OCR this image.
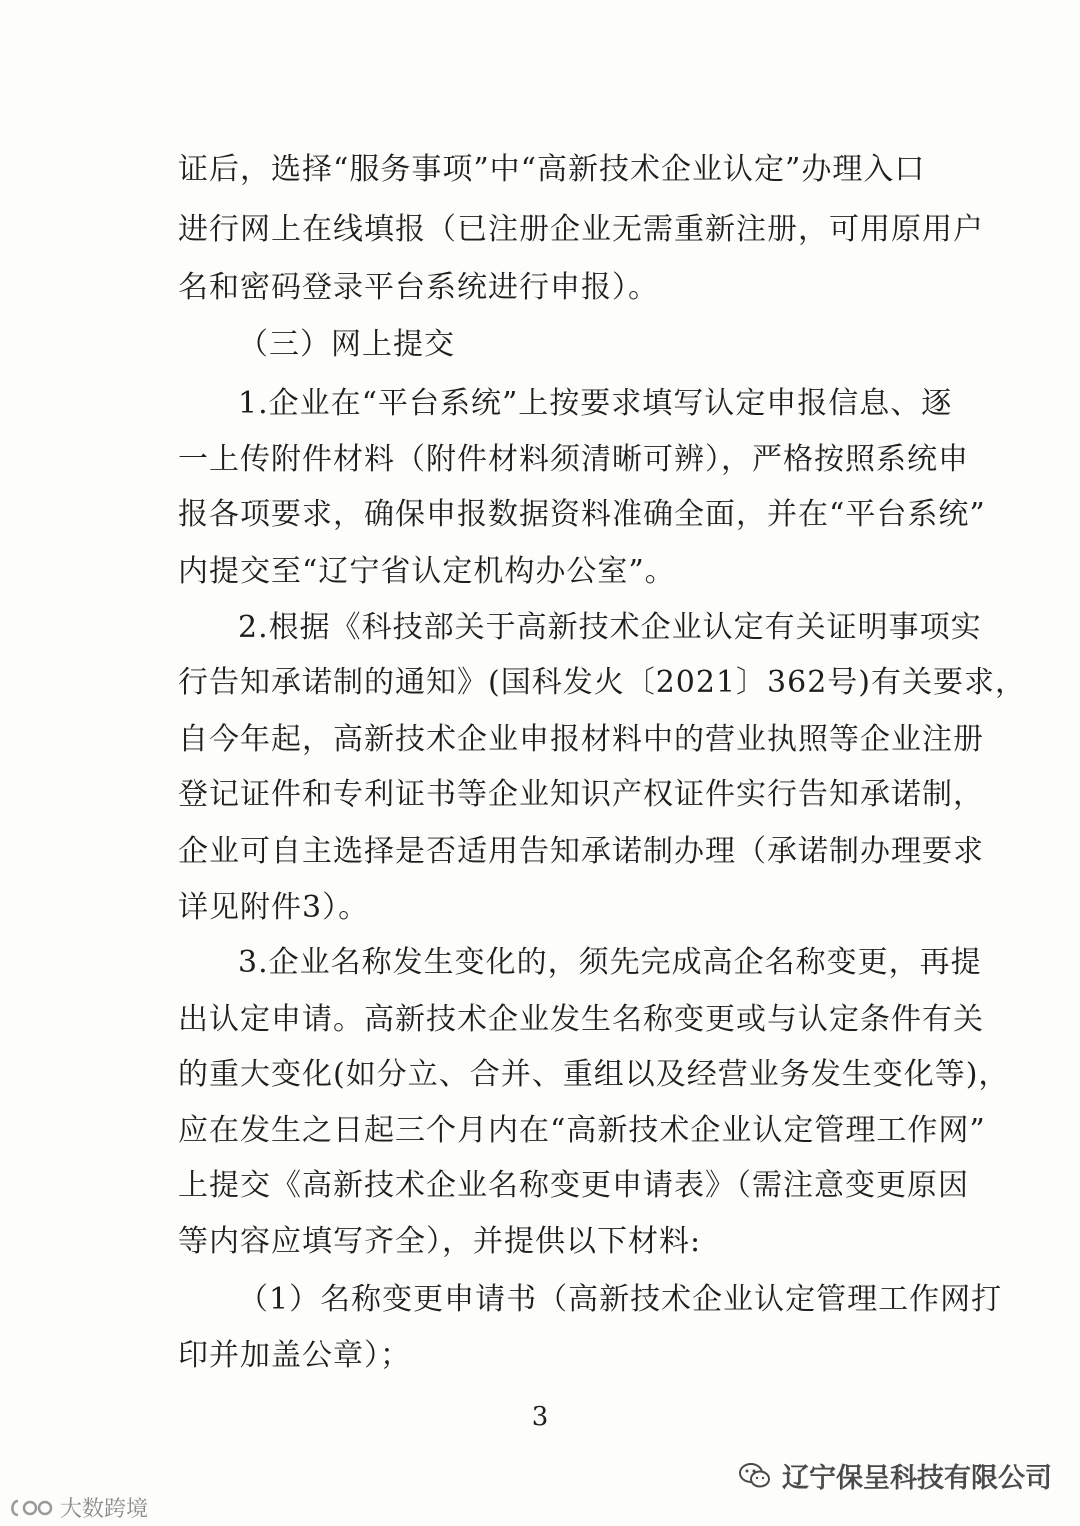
证后，选择“服务事项”中“高新技术企业认定”办理入口
进行网上在线填报（已注册企业无需重新注册，可用原用户
名和密码登录平台系统进行申报）。
（三）网上提交
1.企业在“平台系统”上按要求填写认定申报信息、逐
一上传附件材料（附件材料须清晰可辨），严格按照系统申
报各项要求，确保申报数据资料准确全面，并在“平台系统”
内提交至“辽宁省认定机构办公室”。
2.根据《科技部关于高新技术企业认定有关证明事项实
行告知承诺制的通知》(国科发火〔2021〕362号)有关要求，
自今年起，高新技术企业申报材料中的营业执照等企业注册
登记证件和专利证书等企业知识产权证件实行告知承诺制，
企业可自主选择是否适用告知承诺制办理（承诺制办理要求
详见附件3）。
3.企业名称发生变化的，须先完成高企名称变更，再提
出认定申请。高新技术企业发生名称变更或与认定条件有关
的重大变化(如分立、合并、重组以及经营业务发生变化等)，
应在发生之日起三个月内在“高新技术企业认定管理工作网”
上提交《高新技术企业名称变更申请表》（需注意变更原因
等内容应填写齐全），并提供以下材料:
（1）名称变更申请书（高新技术企业认定管理工作网打
印并加盖公章）；
3
辽宁保呈科技有限公司
大数跨境
